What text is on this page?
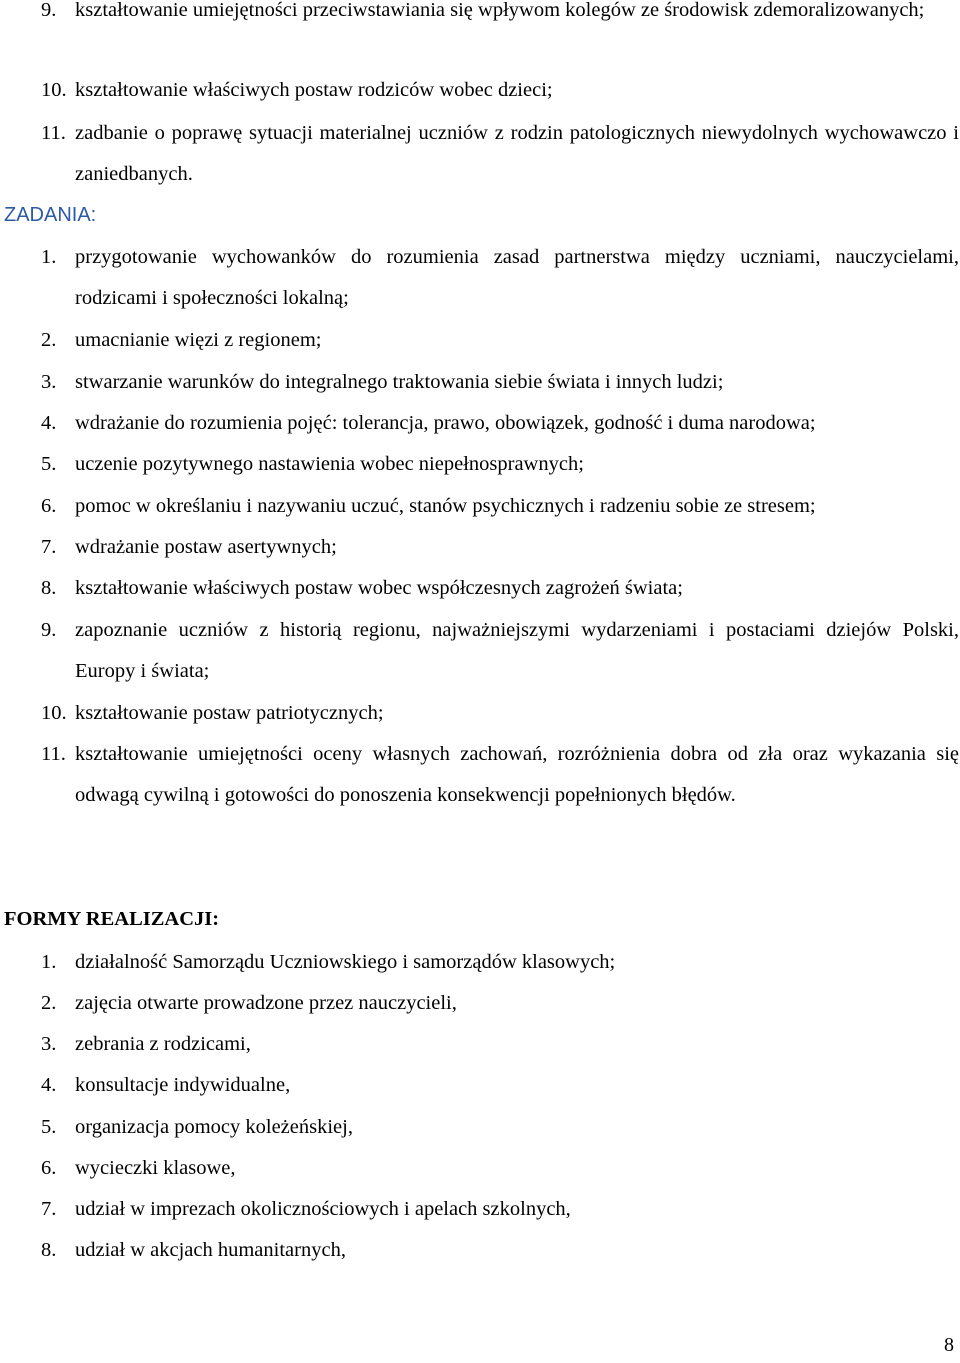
9. kształtowanie umiejętności przeciwstawiania się wpływom kolegów ze środowisk zdemoralizowanych;
10. kształtowanie właściwych postaw rodziców wobec dzieci;
11. zadbanie o poprawę sytuacji materialnej uczniów z rodzin patologicznych niewydolnych wychowawczo i zaniedbanych.
ZADANIA:
1. przygotowanie wychowanków do rozumienia zasad partnerstwa między uczniami, nauczycielami, rodzicami i społeczności lokalną;
2. umacnianie więzi z regionem;
3. stwarzanie warunków do integralnego traktowania siebie świata i innych ludzi;
4. wdrażanie do rozumienia pojęć: tolerancja, prawo, obowiązek, godność i duma narodowa;
5. uczenie pozytywnego nastawienia wobec niepełnosprawnych;
6. pomoc w określaniu i nazywaniu uczuć, stanów psychicznych i radzeniu sobie ze stresem;
7. wdrażanie postaw asertywnych;
8. kształtowanie właściwych postaw wobec współczesnych zagrożeń świata;
9. zapoznanie uczniów z historią regionu, najważniejszymi wydarzeniami i postaciami dziejów Polski, Europy i świata;
10. kształtowanie postaw patriotycznych;
11. kształtowanie umiejętności oceny własnych zachowań, rozróżnienia dobra od zła oraz wykazania się odwagą cywilną i gotowości do ponoszenia konsekwencji popełnionych błędów.
FORMY REALIZACJI:
1. działalność Samorządu Uczniowskiego i samorządów klasowych;
2. zajęcia otwarte prowadzone przez nauczycieli,
3. zebrania z rodzicami,
4. konsultacje indywidualne,
5. organizacja pomocy koleżeńskiej,
6. wycieczki klasowe,
7. udział w imprezach okolicznościowych i apelach szkolnych,
8. udział w akcjach humanitarnych,
8
